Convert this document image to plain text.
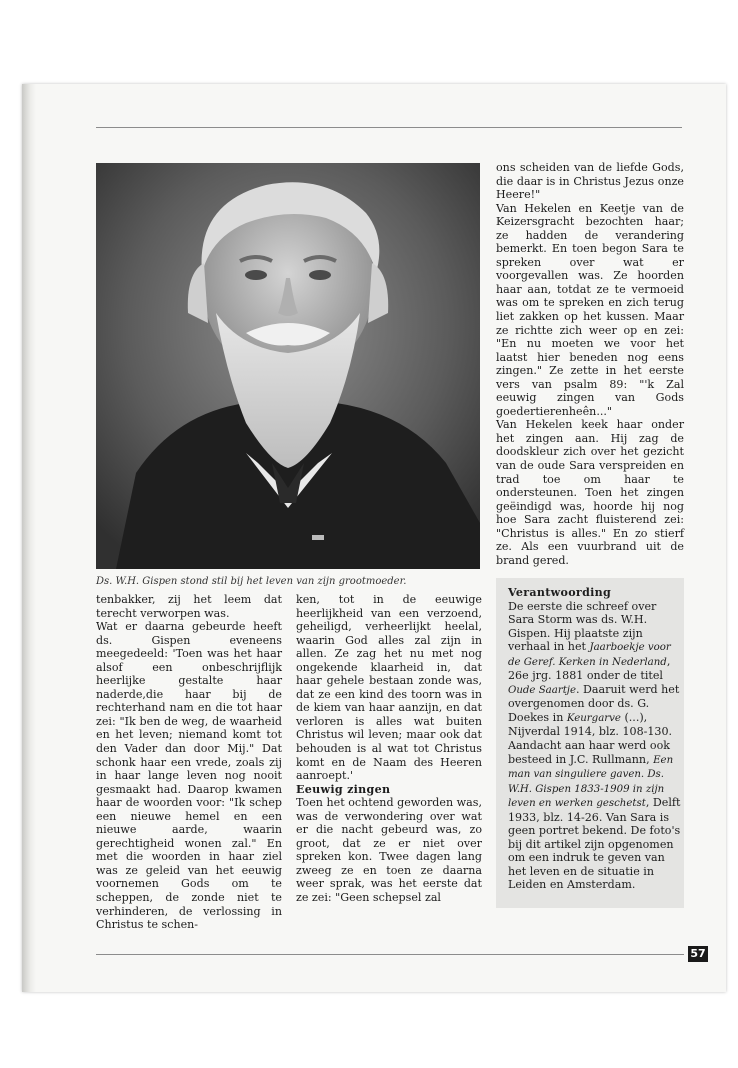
Ds. W.H. Gispen stond stil bij het leven van zijn grootmoeder.

tenbakker, zij het leem dat terecht verworpen was.

Wat er daarna gebeurde heeft ds. Gispen eveneens meegedeeld: 'Toen was het haar alsof een onbeschrijflijk heerlijke gestalte haar naderde,die haar bij de rechterhand nam en die tot haar zei: "Ik ben de weg, de waarheid en het leven; niemand komt tot den Vader dan door Mij." Dat schonk haar een vrede, zoals zij in haar lange leven nog nooit gesmaakt had. Daarop kwamen haar de woorden voor: "Ik schep een nieuwe hemel en een nieuwe aarde, waarin gerechtigheid wonen zal." En met die woorden in haar ziel was ze geleid van het eeuwig voornemen Gods om te scheppen, de zonde niet te verhinderen, de verlossing in Christus te schen-

ken, tot in de eeuwige heerlijkheid van een verzoend, geheiligd, verheerlijkt heelal, waarin God alles zal zijn in allen. Ze zag het nu met nog ongekende klaarheid in, dat haar gehele bestaan zonde was, dat ze een kind des toorn was in de kiem van haar aanzijn, en dat verloren is alles wat buiten Christus wil leven; maar ook dat behouden is al wat tot Christus komt en de Naam des Heeren aanroept.'

Eeuwig zingen

Toen het ochtend geworden was, was de verwondering over wat er die nacht gebeurd was, zo groot, dat ze er niet over spreken kon. Twee dagen lang zweeg ze en toen ze daarna weer sprak, was het eerste dat ze zei: "Geen schepsel zal

ons scheiden van de liefde Gods, die daar is in Christus Jezus onze Heere!"

Van Hekelen en Keetje van de Keizersgracht bezochten haar; ze hadden de verandering bemerkt. En toen begon Sara te spreken over wat er voorgevallen was. Ze hoorden haar aan, totdat ze te vermoeid was om te spreken en zich terug liet zakken op het kussen. Maar ze richtte zich weer op en zei: "En nu moeten we voor het laatst hier beneden nog eens zingen." Ze zette in het eerste vers van psalm 89: "'k Zal eeuwig zingen van Gods goedertierenheên..."

Van Hekelen keek haar onder het zingen aan. Hij zag de doodskleur zich over het gezicht van de oude Sara verspreiden en trad toe om haar te ondersteunen. Toen het zingen geëindigd was, hoorde hij nog hoe Sara zacht fluisterend zei: "Christus is alles." En zo stierf ze. Als een vuurbrand uit de brand gered.

Verantwoording

De eerste die schreef over Sara Storm was ds. W.H. Gispen. Hij plaatste zijn verhaal in het Jaarboekje voor de Geref. Kerken in Nederland, 26e jrg. 1881 onder de titel Oude Saartje. Daaruit werd het overgenomen door ds. G. Doekes in Keurgarve (...), Nijverdal 1914, blz. 108-130. Aandacht aan haar werd ook besteed in J.C. Rullmann, Een man van singuliere gaven. Ds. W.H. Gispen 1833-1909 in zijn leven en werken geschetst, Delft 1933, blz. 14-26. Van Sara is geen portret bekend. De foto's bij dit artikel zijn opgenomen om een indruk te geven van het leven en de situatie in Leiden en Amsterdam.

57
